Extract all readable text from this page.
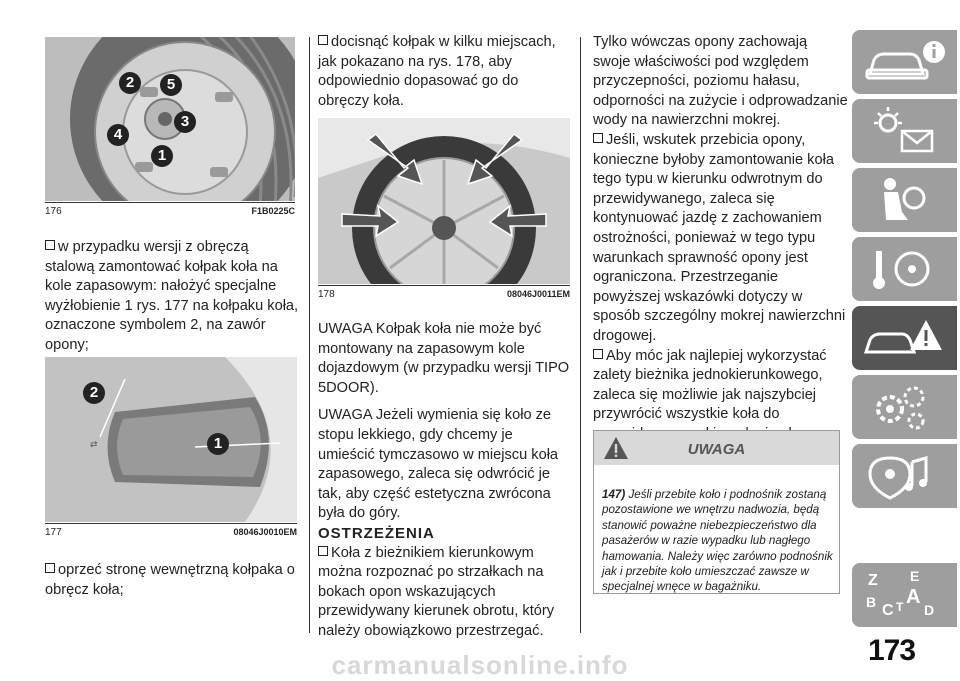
2	5
4
3
1
176	F1B0225C

w przypadku wersji z obręczą stalową zamontować kołpak koła na kole zapasowym: nałożyć specjalne wyżłobienie 1 rys. 177 na kołpaku koła, oznaczone symbolem 2, na zawór opony;

⇄
2
1
177	08046J0010EM

oprzeć stronę wewnętrzną kołpaka o obręcz koła;

docisnąć kołpak w kilku miejscach, jak pokazano na rys. 178, aby odpowiednio dopasować go do obręczy koła.

178	08046J0011EM

UWAGA Kołpak koła nie może być montowany na zapasowym kole dojazdowym (w przypadku wersji TIPO 5DOOR).

UWAGA Jeżeli wymienia się koło ze stopu lekkiego, gdy chcemy je umieścić tymczasowo w miejscu koła zapasowego, zaleca się odwrócić je tak, aby część estetyczna zwrócona była do góry.

OSTRZEŻENIA

Koła z bieżnikiem kierunkowym można rozpoznać po strzałkach na bokach opon wskazujących przewidywany kierunek obrotu, który należy obowiązkowo przestrzegać.

Tylko wówczas opony zachowają swoje właściwości pod względem przyczepności, poziomu hałasu, odporności na zużycie i odprowadzanie wody na nawierzchni mokrej.

Jeśli, wskutek przebicia opony, konieczne byłoby zamontowanie koła tego typu w kierunku odwrotnym do przewidywanego, zaleca się kontynuować jazdę z zachowaniem ostrożności, ponieważ w tego typu warunkach sprawność opony jest ograniczona. Przestrzeganie powyższej wskazówki dotyczy w sposób szczególny mokrej nawierzchni drogowej.

Aby móc jak najlepiej wykorzystać zalety bieżnika jednokierunkowego, zaleca się możliwie jak najszybciej przywrócić wszystkie koła do

UWAGA
147) Jeśli przebite koło i podnośnik zostaną pozostawione we wnętrzu nadwozia, będą stanowić poważne niebezpieczeństwo dla pasażerów w razie wypadku lub nagłego hamowania. Należy więc zarówno podnośnik jak i przebite koło umieszczać zawsze w specjalnej wnęce w bagażniku.	Z E
B C T A
D
173
carmanualsonline.info
